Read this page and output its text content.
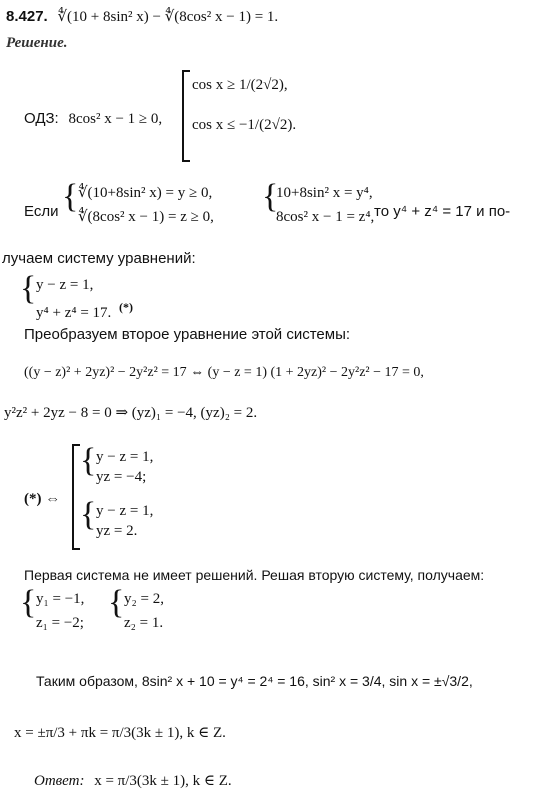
8.427. ∜(10 + 8sin² x) − ∜(8cos² x − 1) = 1.
Решение.
ОДЗ: 8cos² x − 1 ≥ 0,
cos x ≥ 1/(2√2),
cos x ≤ −1/(2√2).
Если { ∜(10+8sin² x) = y ≥ 0,
∜(8cos² x − 1) = z ≥ 0,
{
10+8sin² x = y⁴,
8cos² x − 1 = z⁴, то y⁴ + z⁴ = 17 и по-
лучаем систему уравнений:
{ y − z = 1,
y⁴ + z⁴ = 17. (*)
Преобразуем второе уравнение этой системы:
((y − z)² + 2yz)² − 2y²z² = 17 ⇔ (y − z = 1) (1 + 2yz)² − 2y²z² − 17 = 0,
y²z² + 2yz − 8 = 0 ⇒ (yz)₁ = −4, (yz)₂ = 2.
(*) ⇔
{ y − z = 1,
yz = −4;
{ y − z = 1,
yz = 2.
Первая система не имеет решений. Решая вторую систему, получаем:
{ y₁ = −1,
z₁ = −2;
{ y₂ = 2,
z₂ = 1.
Таким образом, 8sin² x + 10 = y⁴ = 2⁴ = 16, sin² x = 3/4, sin x = ±√3/2,
x = ±π/3 + πk = π/3(3k ± 1), k ∈ Z.
Ответ: x = π/3(3k ± 1), k ∈ Z.
